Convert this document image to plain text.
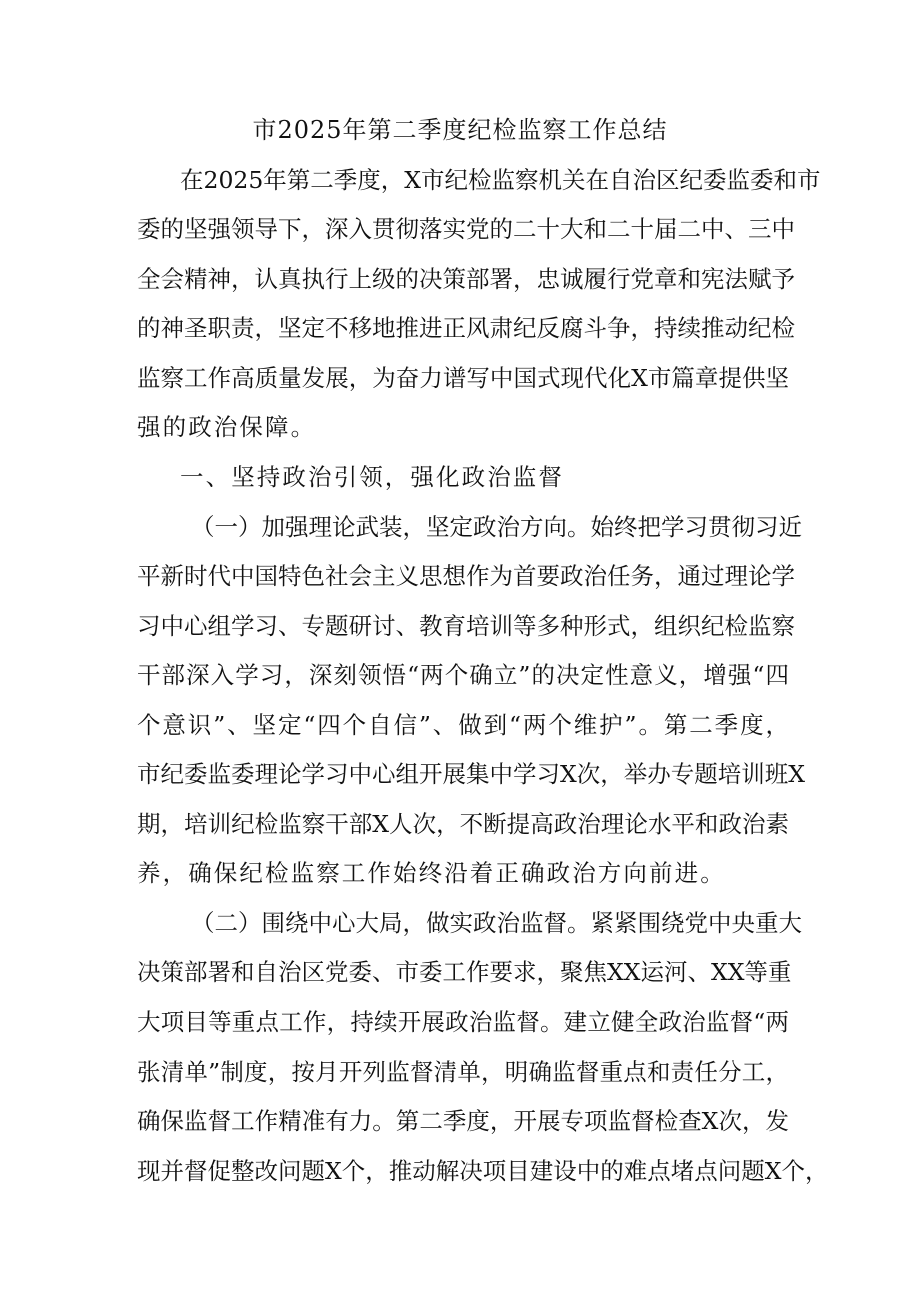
市2025年第二季度纪检监察工作总结
在2025年第二季度，X市纪检监察机关在自治区纪委监委和市
委的坚强领导下，深入贯彻落实党的二十大和二十届二中、三中
全会精神，认真执行上级的决策部署，忠诚履行党章和宪法赋予
的神圣职责，坚定不移地推进正风肃纪反腐斗争，持续推动纪检
监察工作高质量发展，为奋力谱写中国式现代化X市篇章提供坚
强的政治保障。
一、坚持政治引领，强化政治监督
（一）加强理论武装，坚定政治方向。始终把学习贯彻习近
平新时代中国特色社会主义思想作为首要政治任务，通过理论学
习中心组学习、专题研讨、教育培训等多种形式，组织纪检监察
干部深入学习，深刻领悟“两个确立”的决定性意义，增强“四
个意识”、坚定“四个自信”、做到“两个维护”。第二季度，
市纪委监委理论学习中心组开展集中学习X次，举办专题培训班X
期，培训纪检监察干部X人次，不断提高政治理论水平和政治素
养，确保纪检监察工作始终沿着正确政治方向前进。
（二）围绕中心大局，做实政治监督。紧紧围绕党中央重大
决策部署和自治区党委、市委工作要求，聚焦XX运河、XX等重
大项目等重点工作，持续开展政治监督。建立健全政治监督“两
张清单”制度，按月开列监督清单，明确监督重点和责任分工，
确保监督工作精准有力。第二季度，开展专项监督检查X次，发
现并督促整改问题X个，推动解决项目建设中的难点堵点问题X个，
